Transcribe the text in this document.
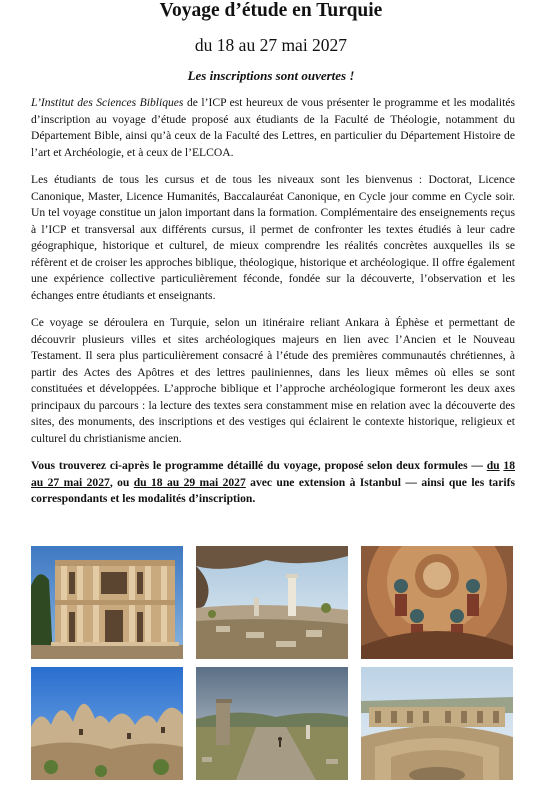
Voyage d’étude en Turquie
du 18 au 27 mai 2027
Les inscriptions sont ouvertes !

L’Institut des Sciences Bibliques de l’ICP est heureux de vous présenter le programme et les modalités d’inscription au voyage d’étude proposé aux étudiants de la Faculté de Théologie, notamment du Département Bible, ainsi qu’à ceux de la Faculté des Lettres, en particulier du Département Histoire de l’art et Archéologie, et à ceux de l’ELCOA.

Les étudiants de tous les cursus et de tous les niveaux sont les bienvenus : Doctorat, Licence Canonique, Master, Licence Humanités, Baccalauréat Canonique, en Cycle jour comme en Cycle soir. Un tel voyage constitue un jalon important dans la formation. Complémentaire des enseignements reçus à l’ICP et transversal aux différents cursus, il permet de confronter les textes étudiés à leur cadre géographique, historique et culturel, de mieux comprendre les réalités concrètes auxquelles ils se réfèrent et de croiser les approches biblique, théologique, historique et archéologique. Il offre également une expérience collective particulièrement féconde, fondée sur la découverte, l’observation et les échanges entre étudiants et enseignants.

Ce voyage se déroulera en Turquie, selon un itinéraire reliant Ankara à Éphèse et permettant de découvrir plusieurs villes et sites archéologiques majeurs en lien avec l’Ancien et le Nouveau Testament. Il sera plus particulièrement consacré à l’étude des premières communautés chrétiennes, à partir des Actes des Apôtres et des lettres pauliniennes, dans les lieux mêmes où elles se sont constituées et développées. L’approche biblique et l’approche archéologique formeront les deux axes principaux du parcours : la lecture des textes sera constamment mise en relation avec la découverte des sites, des monuments, des inscriptions et des vestiges qui éclairent le contexte historique, religieux et culturel du christianisme ancien.

Vous trouverez ci-après le programme détaillé du voyage, proposé selon deux formules — du 18 au 27 mai 2027, ou du 18 au 29 mai 2027 avec une extension à Istanbul — ainsi que les tarifs correspondants et les modalités d’inscription.
